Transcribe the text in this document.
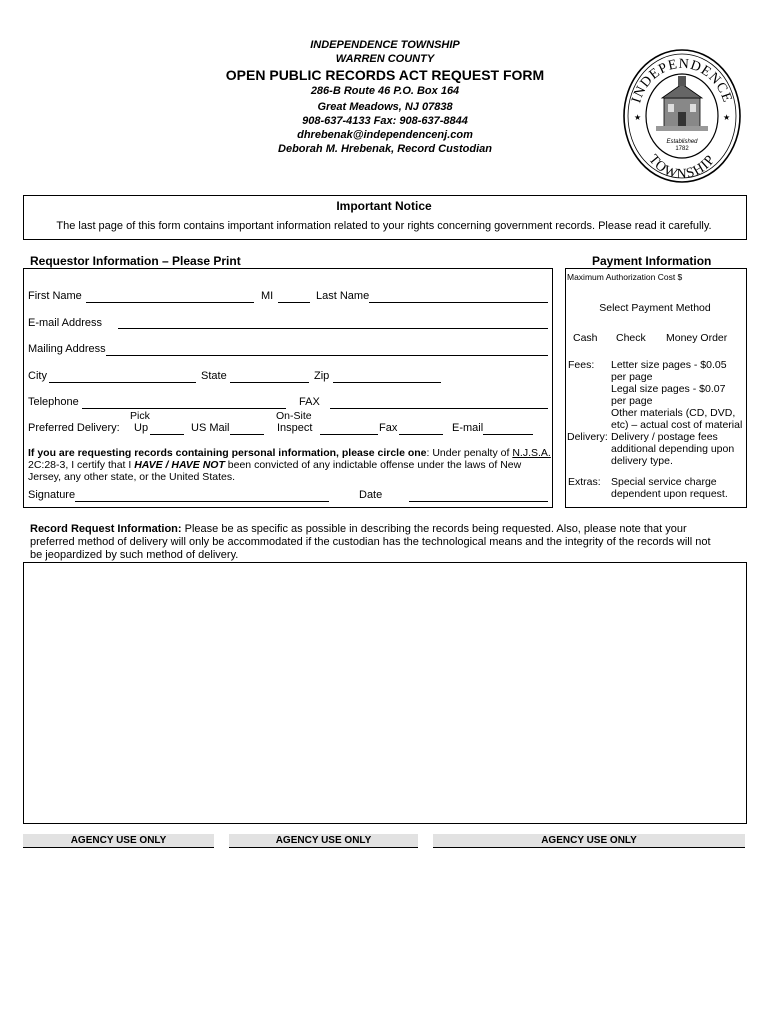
INDEPENDENCE TOWNSHIP
WARREN COUNTY
OPEN PUBLIC RECORDS ACT REQUEST FORM
286-B Route 46 P.O. Box 164
Great Meadows, NJ 07838
908-637-4133 Fax: 908-637-8844
dhrebenak@independencenj.com
Deborah M. Hrebenak, Record Custodian
INDEPENDENCE
TOWNSHIP
★	★
Established
1782
Important Notice
The last page of this form contains important information related to your rights concerning government records. Please read it carefully.
Requestor Information – Please Print	Payment Information
First Name	MI	Last Name
E-mail Address
Mailing Address
City	State	Zip
Telephone	FAX
Pick	On-Site
Preferred Delivery: Up	US Mail	Inspect	Fax	E-mail
If you are requesting records containing personal information, please circle one: Under penalty of N.J.S.A.
2C:28-3, I certify that I HAVE / HAVE NOT been convicted of any indictable offense under the laws of New
Jersey, any other state, or the United States.
Signature	Date
Maximum Authorization Cost $
Select Payment Method
Cash Check Money Order
Fees: Letter size pages - $0.05
per page
Legal size pages - $0.07
per page
Other materials (CD, DVD,
etc) – actual cost of material
Delivery: Delivery / postage fees
additional depending upon
delivery type.
Extras: Special service charge
dependent upon request.
Record Request Information: Please be as specific as possible in describing the records being requested. Also, please note that your
preferred method of delivery will only be accommodated if the custodian has the technological means and the integrity of the records will not
be jeopardized by such method of delivery.
AGENCY USE ONLY	AGENCY USE ONLY	AGENCY USE ONLY
